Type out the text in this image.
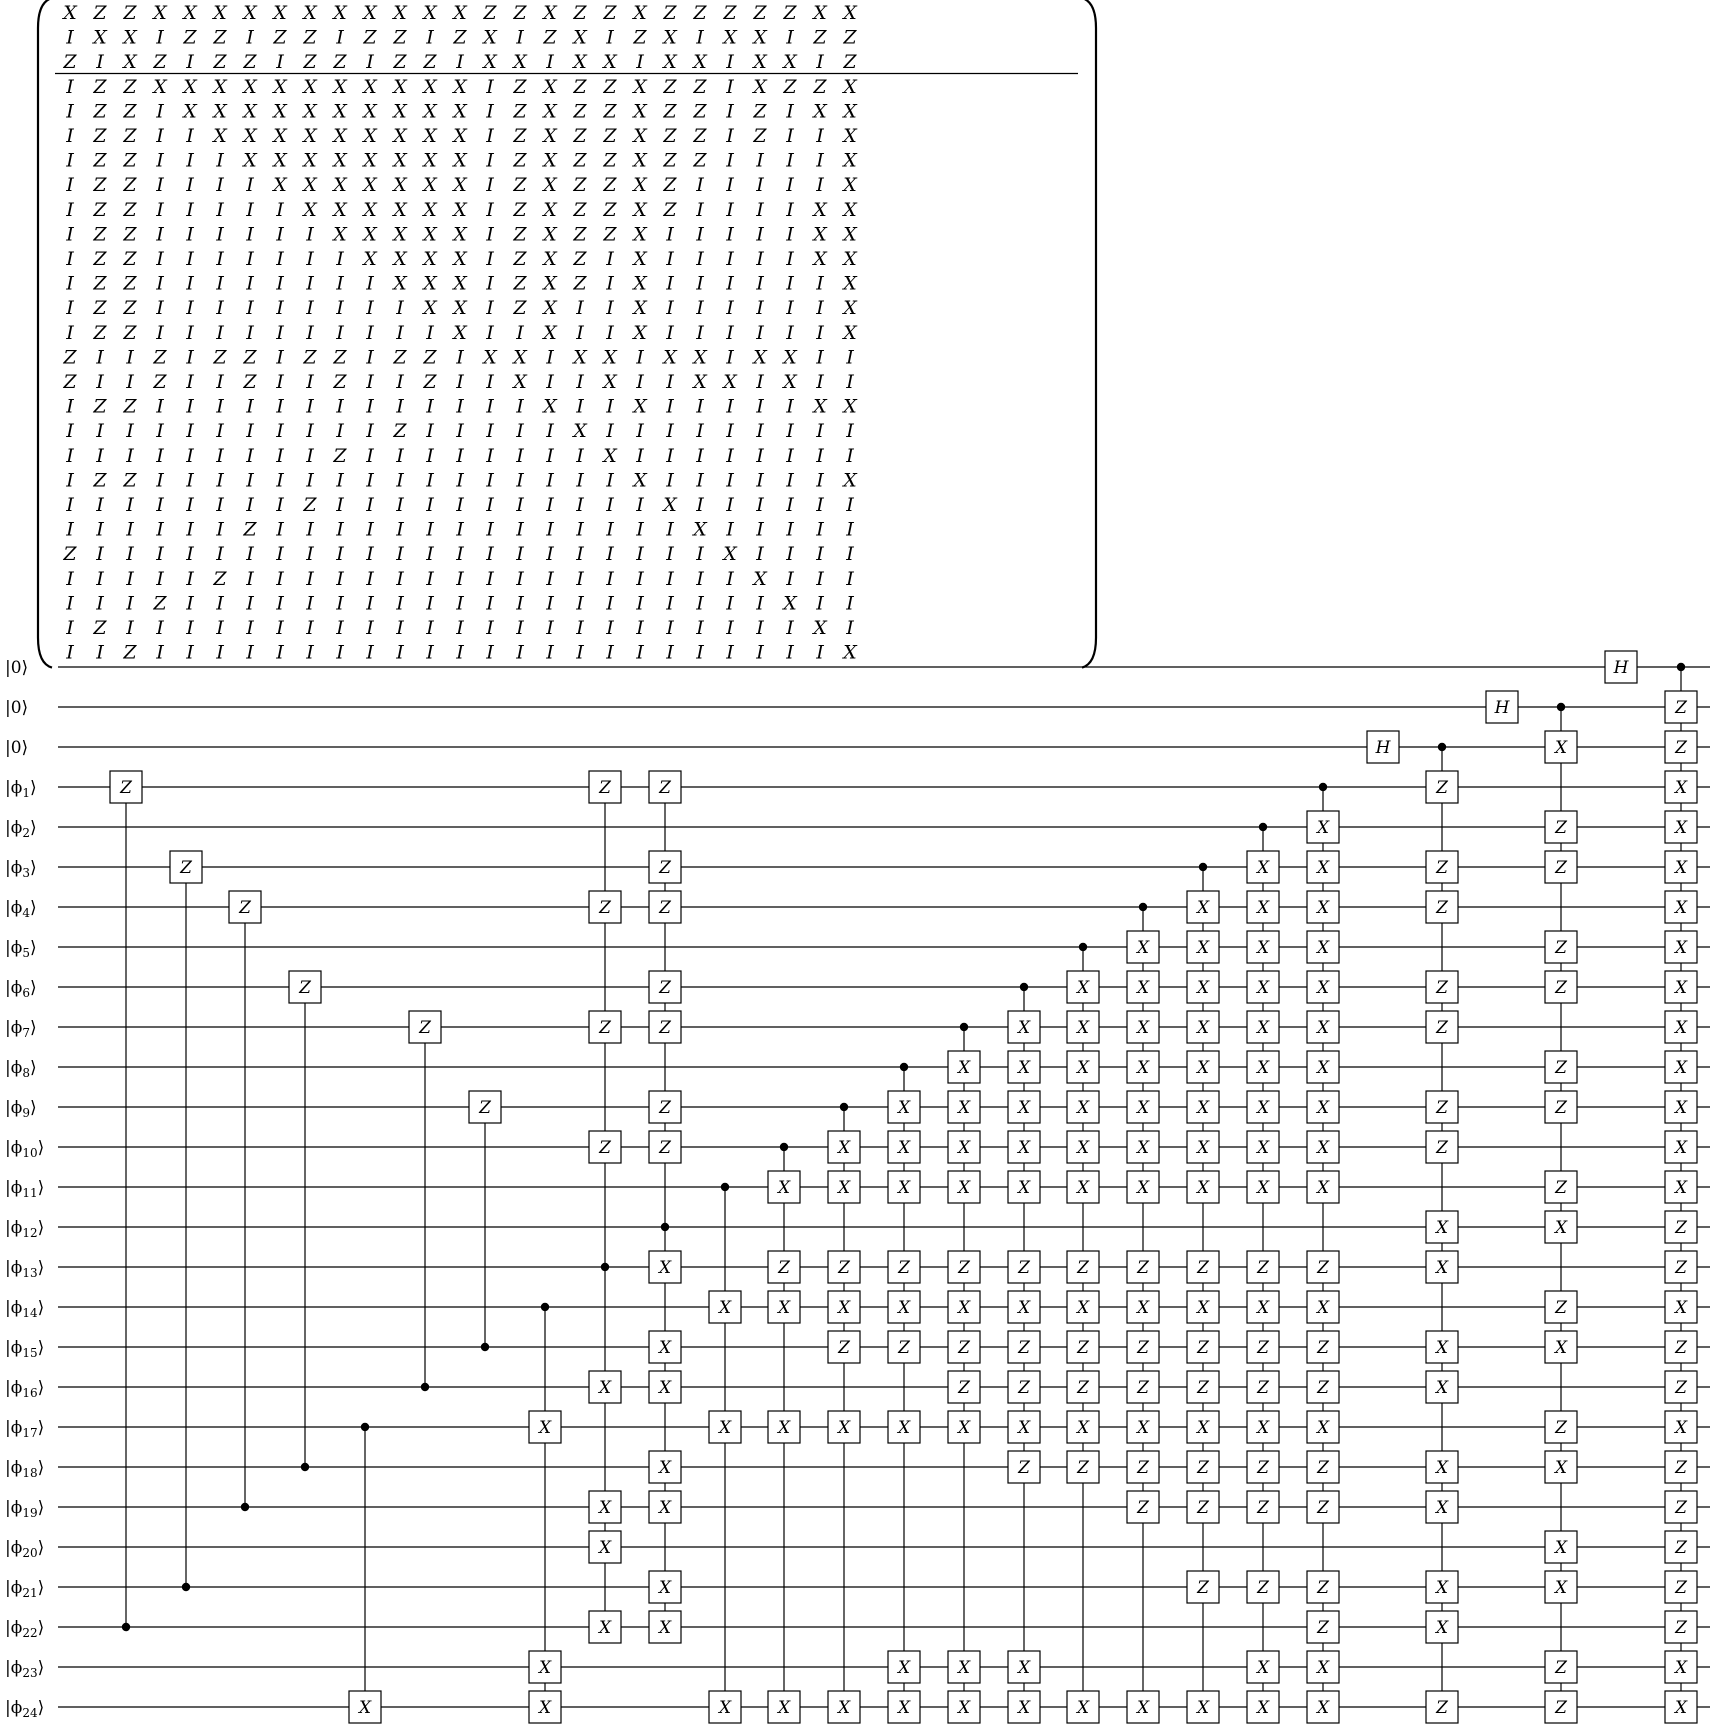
X Z Z X X X X X X X X X X X Z Z X Z Z X Z Z Z Z Z X X
I X X I Z Z I Z Z I Z Z I Z X I Z X I Z X I X X I Z Z
Z I X Z I Z Z I Z Z I Z Z I X X I X X I X X I X X I Z
I Z Z X X X X X X X X X X X I Z X Z Z X Z Z I X Z Z X
I Z Z I X X X X X X X X X X I Z X Z Z X Z Z I Z I X X
I Z Z I I X X X X X X X X X I Z X Z Z X Z Z I Z I I X
I Z Z I I I X X X X X X X X I Z X Z Z X Z Z I I I I X
I Z Z I I I I X X X X X X X I Z X Z Z X Z I I I I I X
I Z Z I I I I I X X X X X X I Z X Z Z X Z I I I I X X
I Z Z I I I I I I X X X X X I Z X Z Z X I I I I I X X
I Z Z I I I I I I I X X X X I Z X Z I X I I I I I X X
I Z Z I I I I I I I I X X X I Z X Z I X I I I I I I X
I Z Z I I I I I I I I I X X I Z X I I X I I I I I I X
I Z Z I I I I I I I I I I X I I X I I X I I I I I I X
Z I I Z I Z Z I Z Z I Z Z I X X I X X I X X I X X I I
Z I I Z I I Z I I Z I I Z I I X I I X I I X X I X I I
I Z Z I I I I I I I I I I I I I X I I X I I I I I X X
I I I I I I I I I I I Z I I I I I X I I I I I I I I I
I I I I I I I I I Z I I I I I I I I X I I I I I I I I
I Z Z I I I I I I I I I I I I I I I I X I I I I I I X
I I I I I I I I Z I I I I I I I I I I I X I I I I I I
I I I I I I Z I I I I I I I I I I I I I I X I I I I I
Z I I I I I I I I I I I I I I I I I I I I I X I I I I
I I I I I Z I I I I I I I I I I I I I I I I I X I I I
I I I Z I I I I I I I I I I I I I I I I I I I I X I I
I Z I I I I I I I I I I I I I I I I I I I I I I I X I
I I Z I I I I I I I I I I I I I I I I I I I I I I I X
|0⟩
|0⟩
|0⟩
$|\phi_1⟩$
$|\phi_2⟩$
$|\phi_3⟩$
$|\phi_4⟩$
$|\phi_5⟩$
$|\phi_6⟩$
$|\phi_7⟩$
$|\phi_8⟩$
$|\phi_9⟩$
$|\phi_{10}⟩$
$|\phi_{11}⟩$
$|\phi_{12}⟩$
$|\phi_{13}⟩$
$|\phi_{14}⟩$
$|\phi_{15}⟩$
$|\phi_{16}⟩$
$|\phi_{17}⟩$
$|\phi_{18}⟩$
$|\phi_{19}⟩$
$|\phi_{20}⟩$
$|\phi_{21}⟩$
$|\phi_{22}⟩$
$|\phi_{23}⟩$
$|\phi_{24}⟩$
Z
Z
Z
Z
X
Z
Z
X
X
X
Z
Z
Z
Z
X
X
X
X
Z
Z
Z
Z
Z
Z
Z
X
X
X
X
X
X
X
X
X
X
X
Z
X
X
X
X
X
Z
X
Z
X
X
X
X
X
Z
X
Z
X
X
X
X
X
X
X
Z
X
Z
Z
X
X
X
X
X
X
X
X
Z
X
Z
Z
X
Z
X
X
X
X
X
X
X
X
Z
X
Z
Z
X
Z
X
X
X
X
X
X
X
X
Z
X
Z
Z
X
Z
Z
X
X
X
X
X
X
X
X
X
Z
X
Z
Z
X
Z
Z
Z
X
X
X
X
X
X
X
X
X
X
Z
X
Z
Z
X
Z
Z
Z
X
X
X
X
X
X
X
X
X
X
X
X
Z
X
Z
Z
X
Z
Z
Z
Z
X
X
H
Z
Z
Z
Z
Z
Z
Z
X
X
X
X
X
X
X
X
Z
H
X
Z
Z
Z
Z
Z
Z
Z
X
Z
X
Z
X
X
X
Z
Z
H
Z
Z
X
X
X
X
X
X
X
X
X
X
X
Z
Z
X
Z
Z
X
Z
Z
Z
Z
Z
X
X
